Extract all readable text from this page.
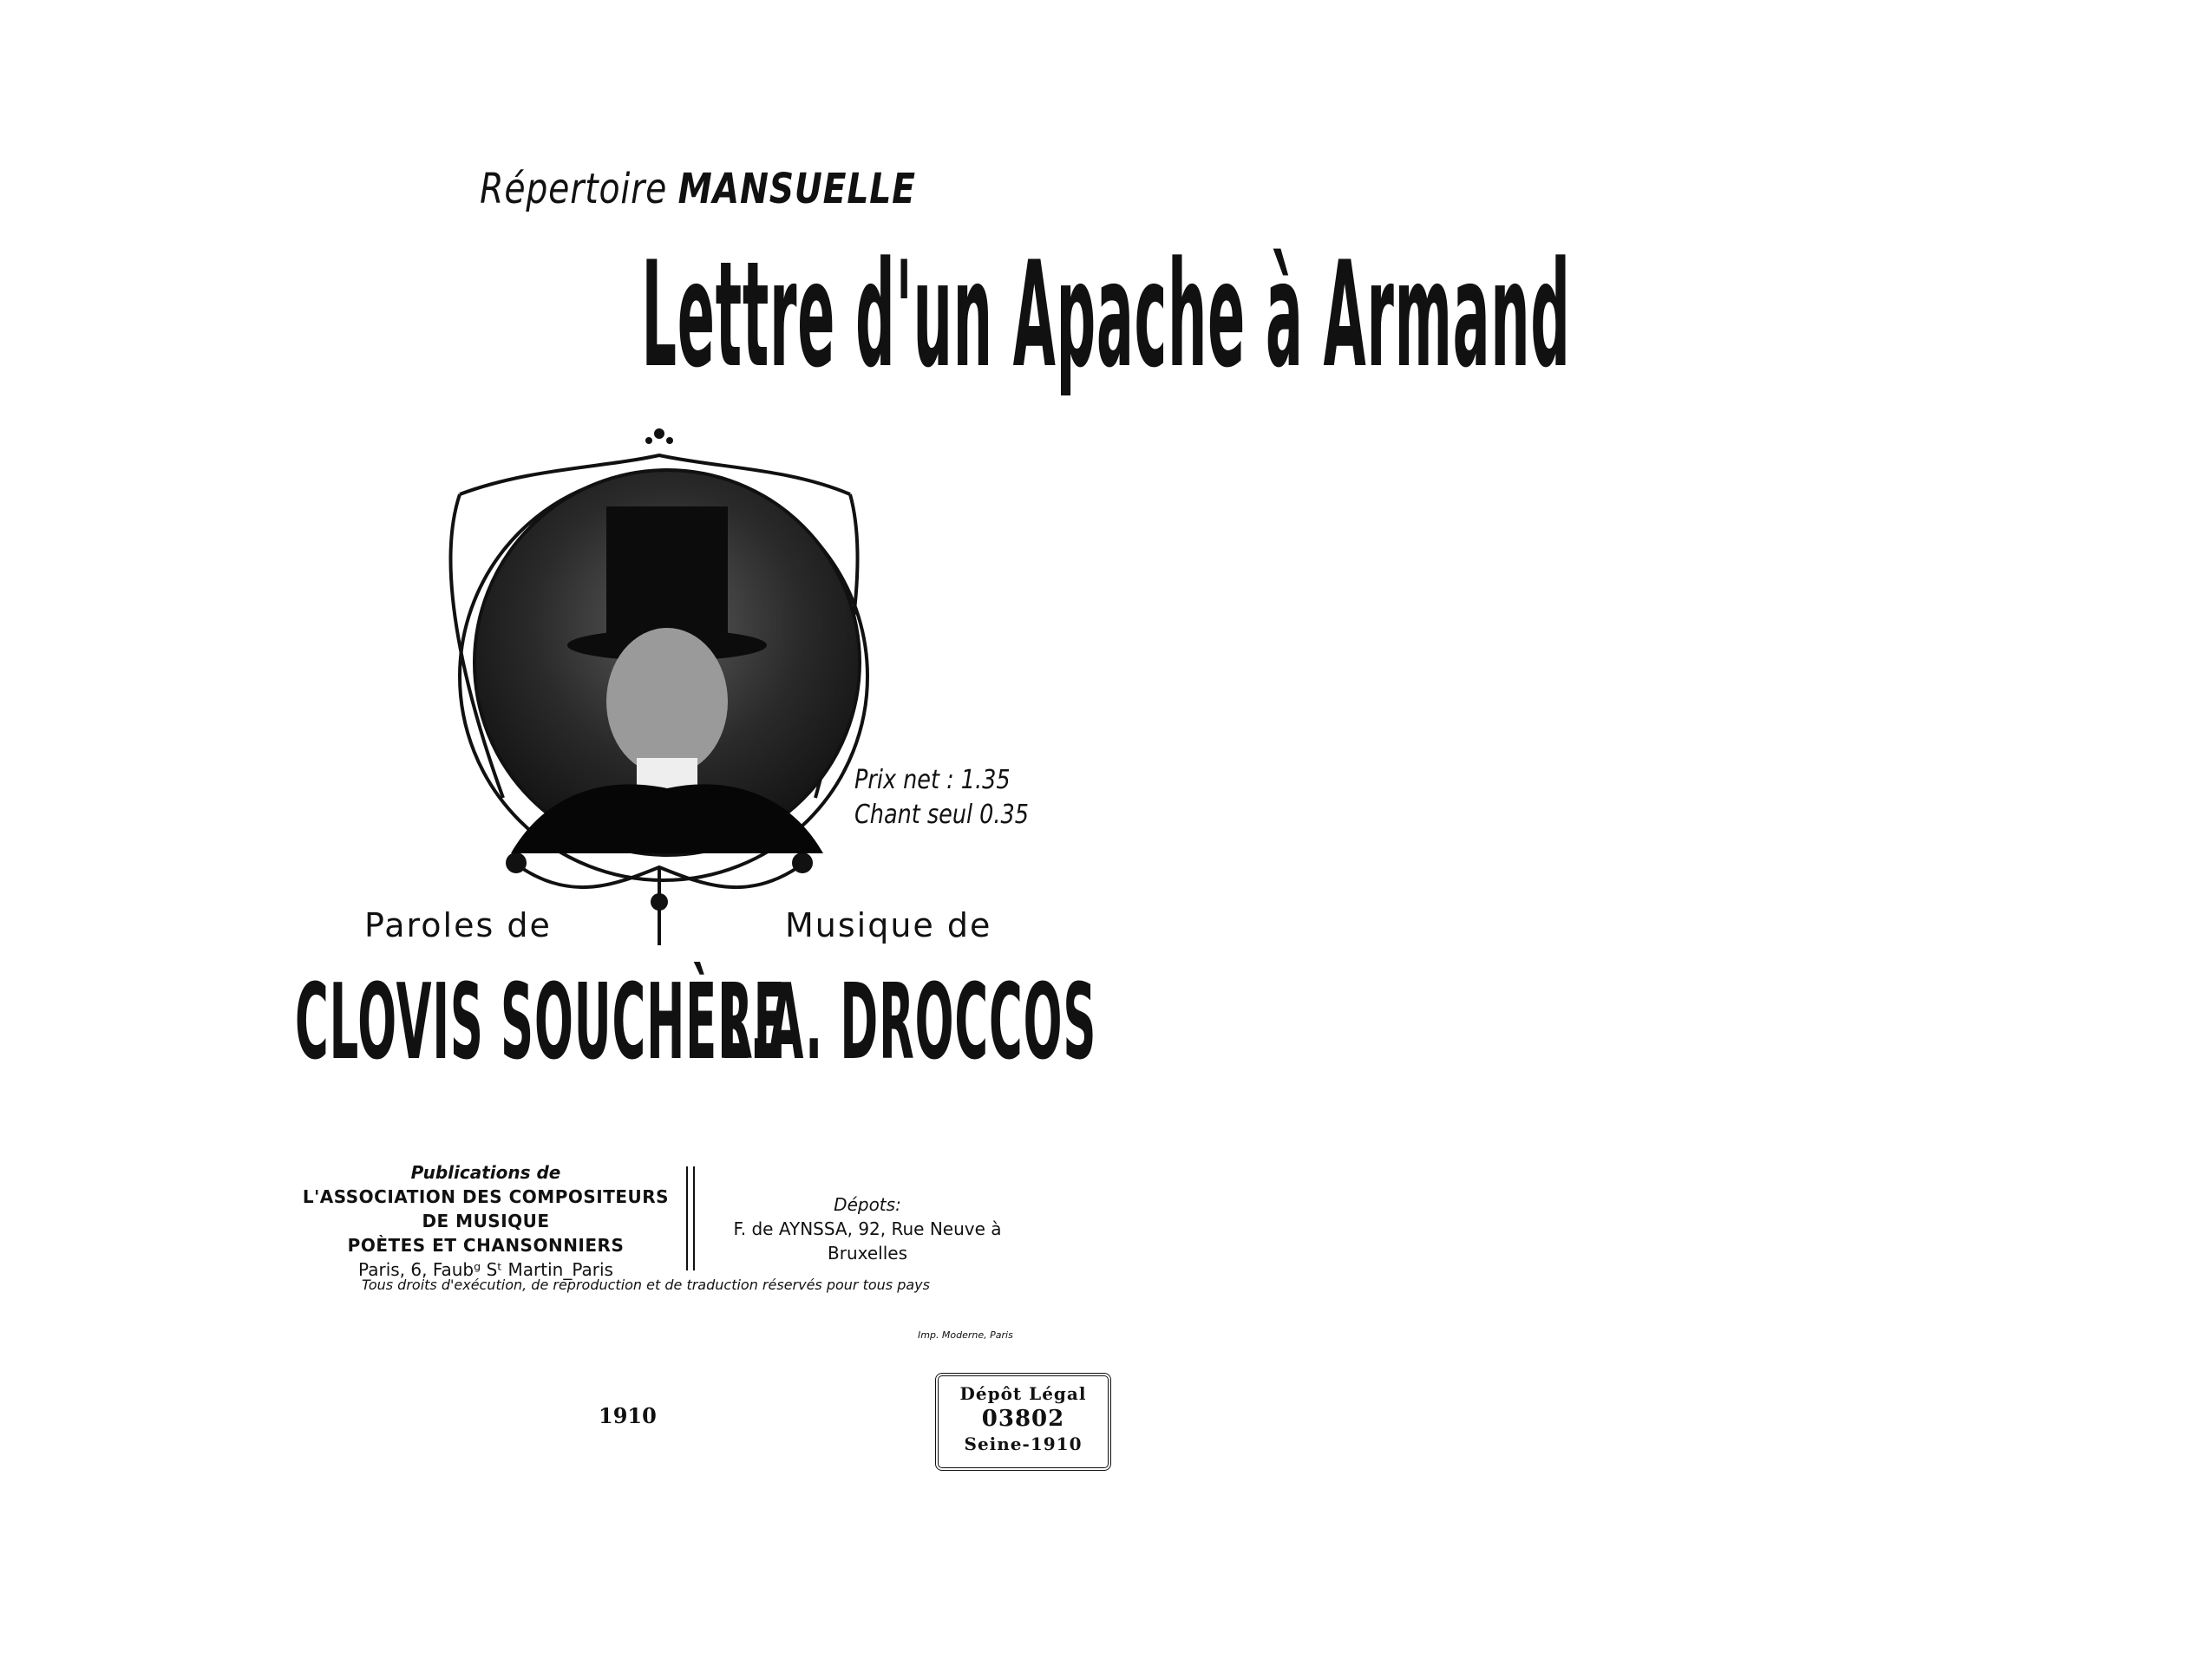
Répertoire MANSUELLE
Lettre d'un Apache à Armand
Prix net : 1.35
Chant seul 0.35
Paroles de	Musique de
CLOVIS SOUCHÈRE
L.A. DROCCOS
Publications de
L'ASSOCIATION DES COMPOSITEURS DE MUSIQUE
POÈTES ET CHANSONNIERS
Paris, 6, Faubᵍ Sᵗ Martin_Paris
Dépots:
F. de AYNSSA, 92, Rue Neuve à Bruxelles
Tous droits d'exécution, de reproduction et de traduction réservés pour tous pays
Imp. Moderne, Paris
1910
Dépôt Légal
03802
Seine-1910
